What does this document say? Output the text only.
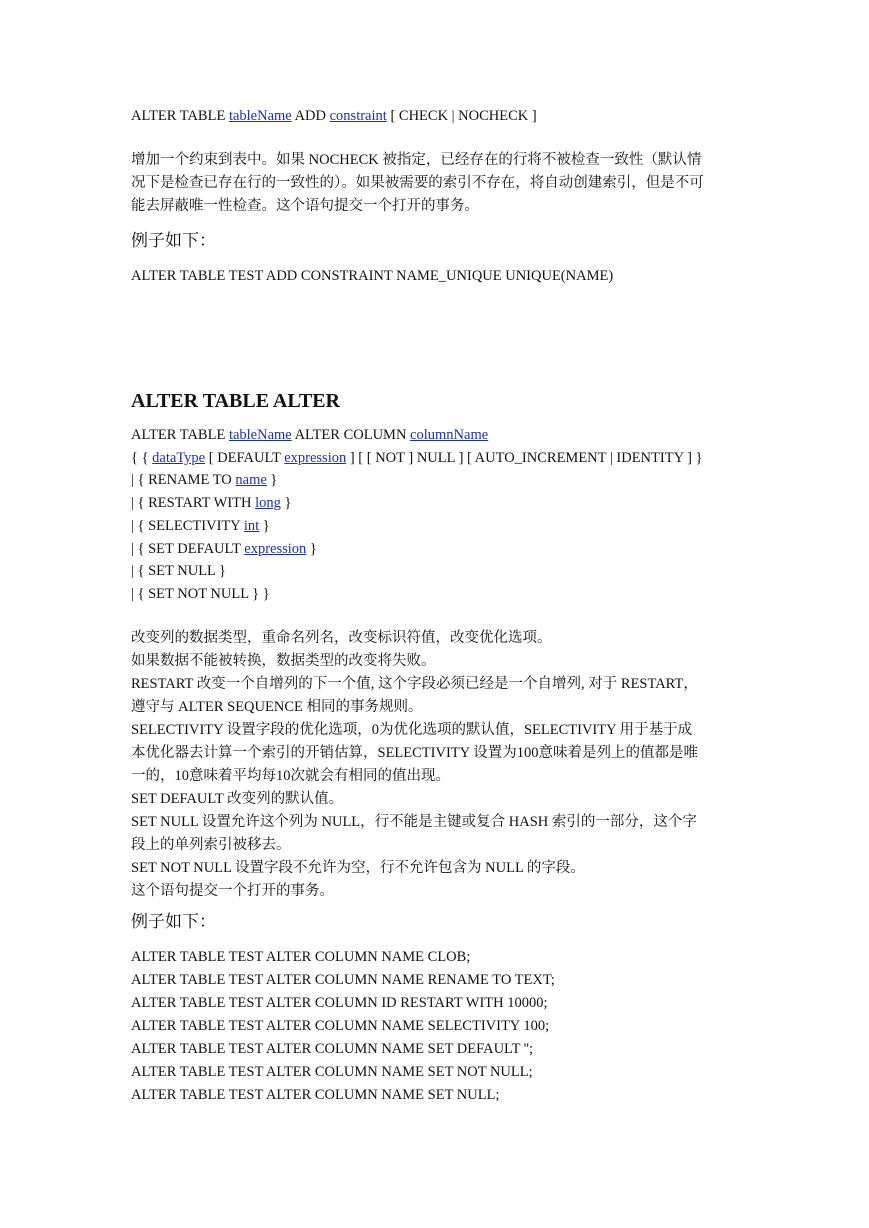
ALTER TABLE tableName ADD constraint [ CHECK | NOCHECK ]
增加一个约束到表中。如果 NOCHECK 被指定，已经存在的行将不被检查一致性（默认情
况下是检查已存在行的一致性的）。如果被需要的索引不存在，将自动创建索引，但是不可
能去屏蔽唯一性检查。这个语句提交一个打开的事务。
例子如下：
ALTER TABLE TEST ADD CONSTRAINT NAME_UNIQUE UNIQUE(NAME)
ALTER TABLE ALTER
ALTER TABLE tableName ALTER COLUMN columnName
{ { dataType [ DEFAULT expression ] [ [ NOT ] NULL ] [ AUTO_INCREMENT | IDENTITY ] }
| { RENAME TO name }
| { RESTART WITH long }
| { SELECTIVITY int }
| { SET DEFAULT expression }
| { SET NULL }
| { SET NOT NULL } }
改变列的数据类型，重命名列名，改变标识符值，改变优化选项。
如果数据不能被转换，数据类型的改变将失败。
RESTART 改变一个自增列的下一个值, 这个字段必须已经是一个自增列, 对于 RESTART，
遵守与 ALTER SEQUENCE 相同的事务规则。
SELECTIVITY 设置字段的优化选项，0为优化选项的默认值，SELECTIVITY 用于基于成
本优化器去计算一个索引的开销估算，SELECTIVITY 设置为100意味着是列上的值都是唯
一的，10意味着平均每10次就会有相同的值出现。
SET DEFAULT 改变列的默认值。
SET NULL 设置允许这个列为 NULL，行不能是主键或复合 HASH 索引的一部分，这个字
段上的单列索引被移去。
SET NOT NULL 设置字段不允许为空，行不允许包含为 NULL 的字段。
这个语句提交一个打开的事务。
例子如下：
ALTER TABLE TEST ALTER COLUMN NAME CLOB;
ALTER TABLE TEST ALTER COLUMN NAME RENAME TO TEXT;
ALTER TABLE TEST ALTER COLUMN ID RESTART WITH 10000;
ALTER TABLE TEST ALTER COLUMN NAME SELECTIVITY 100;
ALTER TABLE TEST ALTER COLUMN NAME SET DEFAULT '';
ALTER TABLE TEST ALTER COLUMN NAME SET NOT NULL;
ALTER TABLE TEST ALTER COLUMN NAME SET NULL;
